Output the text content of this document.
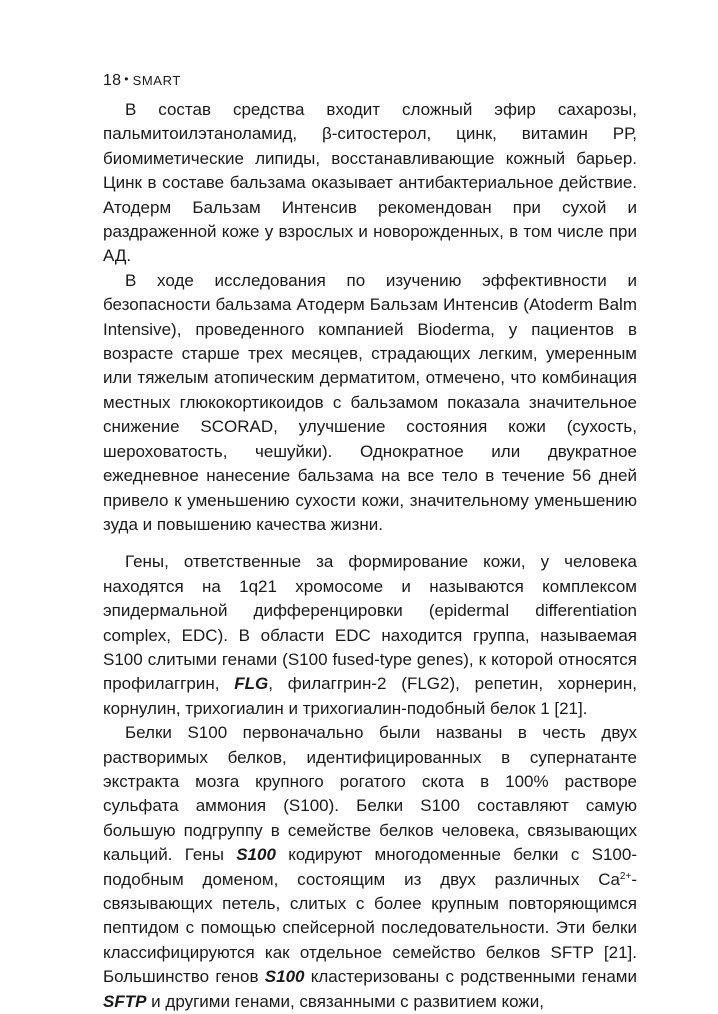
18 • SMART

В состав средства входит сложный эфир сахарозы, пальмитоилэтаноламид, β-ситостерол, цинк, витамин РР, биомиметические липиды, восстанавливающие кожный барьер. Цинк в составе бальзама оказывает антибактериальное действие. Атодерм Бальзам Интенсив рекомендован при сухой и раздраженной коже у взрослых и новорожденных, в том числе при АД.

В ходе исследования по изучению эффективности и безопасности бальзама Атодерм Бальзам Интенсив (Atoderm Balm Intensive), проведенного компанией Bioderma, у пациентов в возрасте старше трех месяцев, страдающих легким, умеренным или тяжелым атопическим дерматитом, отмечено, что комбинация местных глюкокортикоидов с бальзамом показала значительное снижение SCORAD, улучшение состояния кожи (сухость, шероховатость, чешуйки). Однократное или двукратное ежедневное нанесение бальзама на все тело в течение 56 дней привело к уменьшению сухости кожи, значительному уменьшению зуда и повышению качества жизни.

Гены, ответственные за формирование кожи, у человека находятся на 1q21 хромосоме и называются комплексом эпидермальной дифференцировки (epidermal differentiation complex, EDC). В области EDC находится группа, называемая S100 слитыми генами (S100 fused-type genes), к которой относятся профилаггрин, FLG, филаггрин-2 (FLG2), репетин, хорнерин, корнулин, трихогиалин и трихогиалин-подобный белок 1 [21].

Белки S100 первоначально были названы в честь двух растворимых белков, идентифицированных в супернатанте экстракта мозга крупного рогатого скота в 100% растворе сульфата аммония (S100). Белки S100 составляют самую большую подгруппу в семействе белков человека, связывающих кальций. Гены S100 кодируют многодоменные белки с S100-подобным доменом, состоящим из двух различных $Ca^{2+}$-связывающих петель, слитых с более крупным повторяющимся пептидом с помощью спейсерной последовательности. Эти белки классифицируются как отдельное семейство белков SFTP [21]. Большинство генов S100 кластеризованы с родственными генами SFTP и другими генами, связанными с развитием кожи,
